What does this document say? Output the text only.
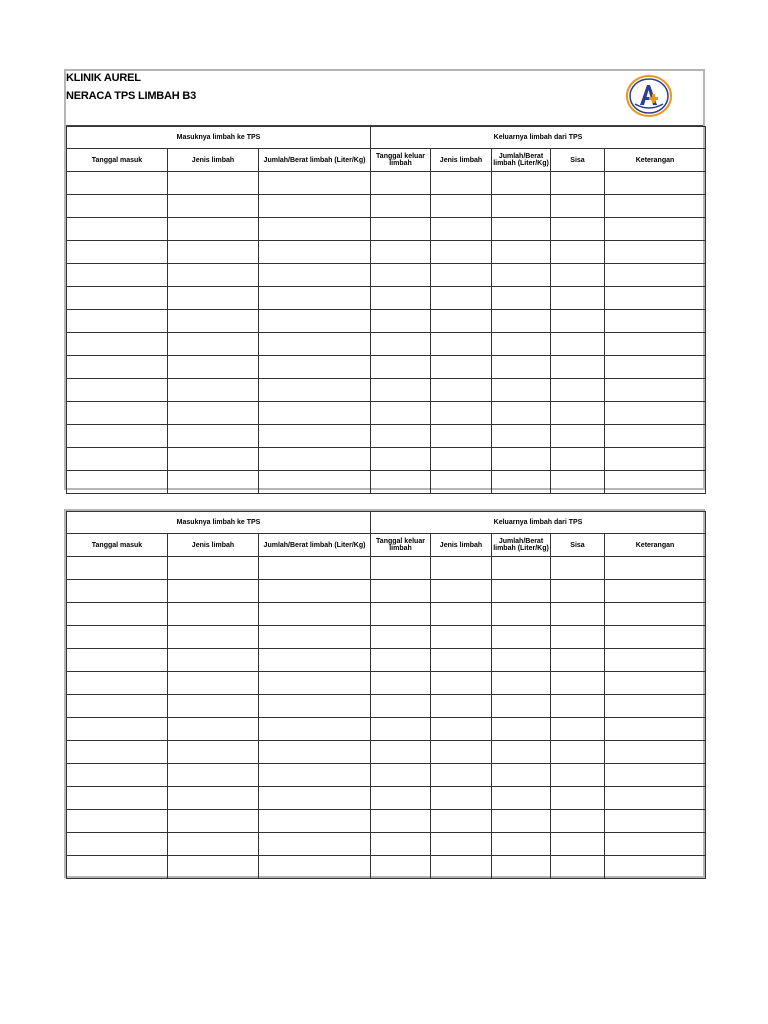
KLINIK AUREL
NERACA TPS LIMBAH B3
Masuknya limbah ke TPS			Keluarnya limbah dari TPS				
Tanggal masuk	Jenis limbah	Jumlah/Berat limbah (Liter/Kg)	Tanggal keluar limbah	Jenis limbah	Jumlah/Berat limbah (Liter/Kg)	Sisa	Keterangan

Masuknya limbah ke TPS			Keluarnya limbah dari TPS				
Tanggal masuk	Jenis limbah	Jumlah/Berat limbah (Liter/Kg)	Tanggal keluar limbah	Jenis limbah	Jumlah/Berat limbah (Liter/Kg)	Sisa	Keterangan
